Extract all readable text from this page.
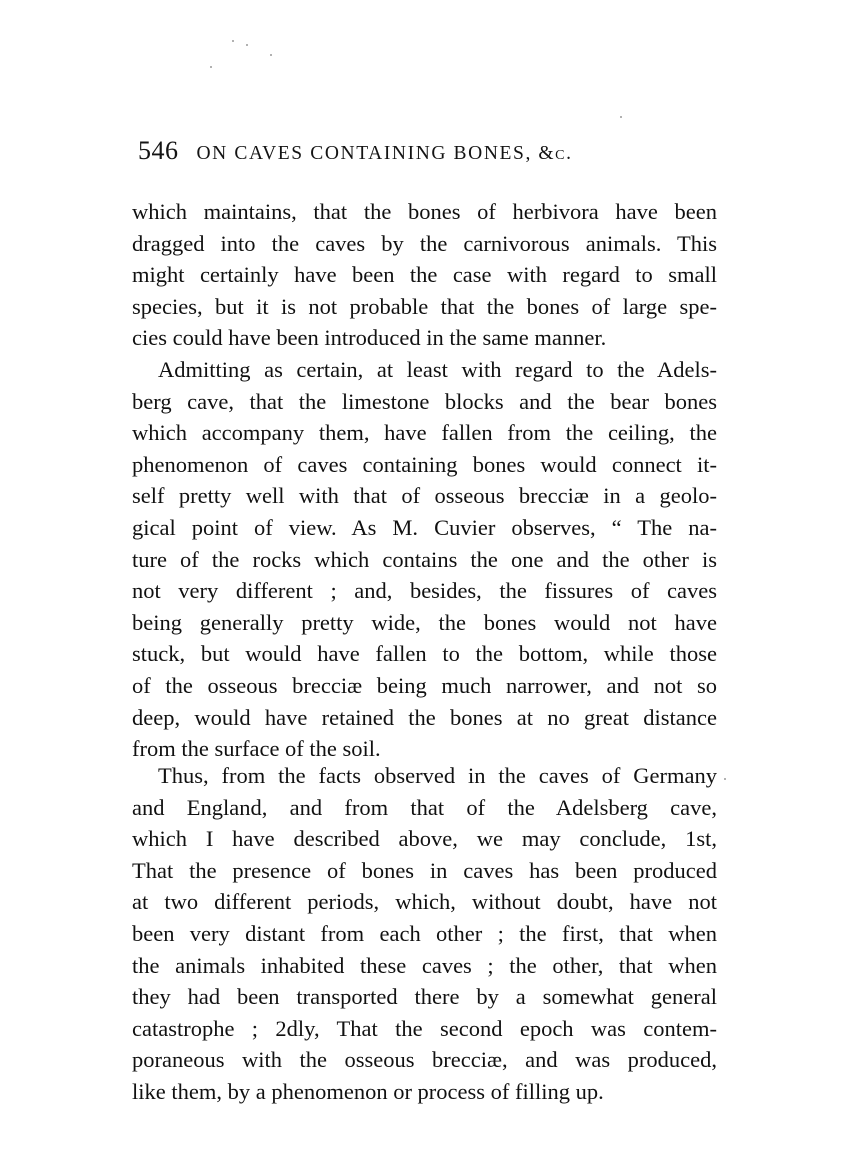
546 ON CAVES CONTAINING BONES, &c.
which maintains, that the bones of herbivora have been
dragged into the caves by the carnivorous animals. This
might certainly have been the case with regard to small
species, but it is not probable that the bones of large spe-
cies could have been introduced in the same manner.
Admitting as certain, at least with regard to the Adels-
berg cave, that the limestone blocks and the bear bones
which accompany them, have fallen from the ceiling, the
phenomenon of caves containing bones would connect it-
self pretty well with that of osseous brecciæ in a geolo-
gical point of view. As M. Cuvier observes, “ The na-
ture of the rocks which contains the one and the other is
not very different ; and, besides, the fissures of caves
being generally pretty wide, the bones would not have
stuck, but would have fallen to the bottom, while those
of the osseous brecciæ being much narrower, and not so
deep, would have retained the bones at no great distance
from the surface of the soil.
Thus, from the facts observed in the caves of Germany
and England, and from that of the Adelsberg cave,
which I have described above, we may conclude, 1st,
That the presence of bones in caves has been produced
at two different periods, which, without doubt, have not
been very distant from each other ; the first, that when
the animals inhabited these caves ; the other, that when
they had been transported there by a somewhat general
catastrophe ; 2dly, That the second epoch was contem-
poraneous with the osseous brecciæ, and was produced,
like them, by a phenomenon or process of filling up.
